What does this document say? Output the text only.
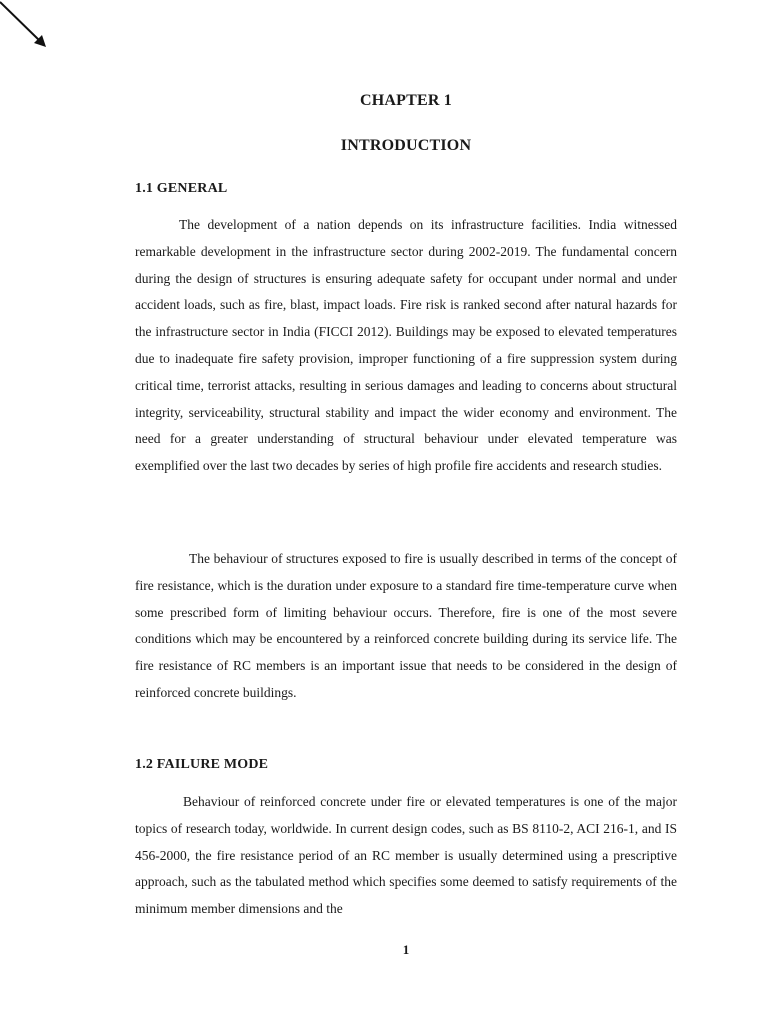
CHAPTER 1
INTRODUCTION
1.1 GENERAL

The development of a nation depends on its infrastructure facilities. India witnessed remarkable development in the infrastructure sector during 2002-2019. The fundamental concern during the design of structures is ensuring adequate safety for occupant under normal and under accident loads, such as fire, blast, impact loads. Fire risk is ranked second after natural hazards for the infrastructure sector in India (FICCI 2012). Buildings may be exposed to elevated temperatures due to inadequate fire safety provision, improper functioning of a fire suppression system during critical time, terrorist attacks, resulting in serious damages and leading to concerns about structural integrity, serviceability, structural stability and impact the wider economy and environment. The need for a greater understanding of structural behaviour under elevated temperature was exemplified over the last two decades by series of high profile fire accidents and research studies.

The behaviour of structures exposed to fire is usually described in terms of the concept of fire resistance, which is the duration under exposure to a standard fire time-temperature curve when some prescribed form of limiting behaviour occurs. Therefore, fire is one of the most severe conditions which may be encountered by a reinforced concrete building during its service life. The fire resistance of RC members is an important issue that needs to be considered in the design of reinforced concrete buildings.

1.2 FAILURE MODE

Behaviour of reinforced concrete under fire or elevated temperatures is one of the major topics of research today, worldwide. In current design codes, such as BS 8110-2, ACI 216-1, and IS 456-2000, the fire resistance period of an RC member is usually determined using a prescriptive approach, such as the tabulated method which specifies some deemed to satisfy requirements of the minimum member dimensions and the

1
